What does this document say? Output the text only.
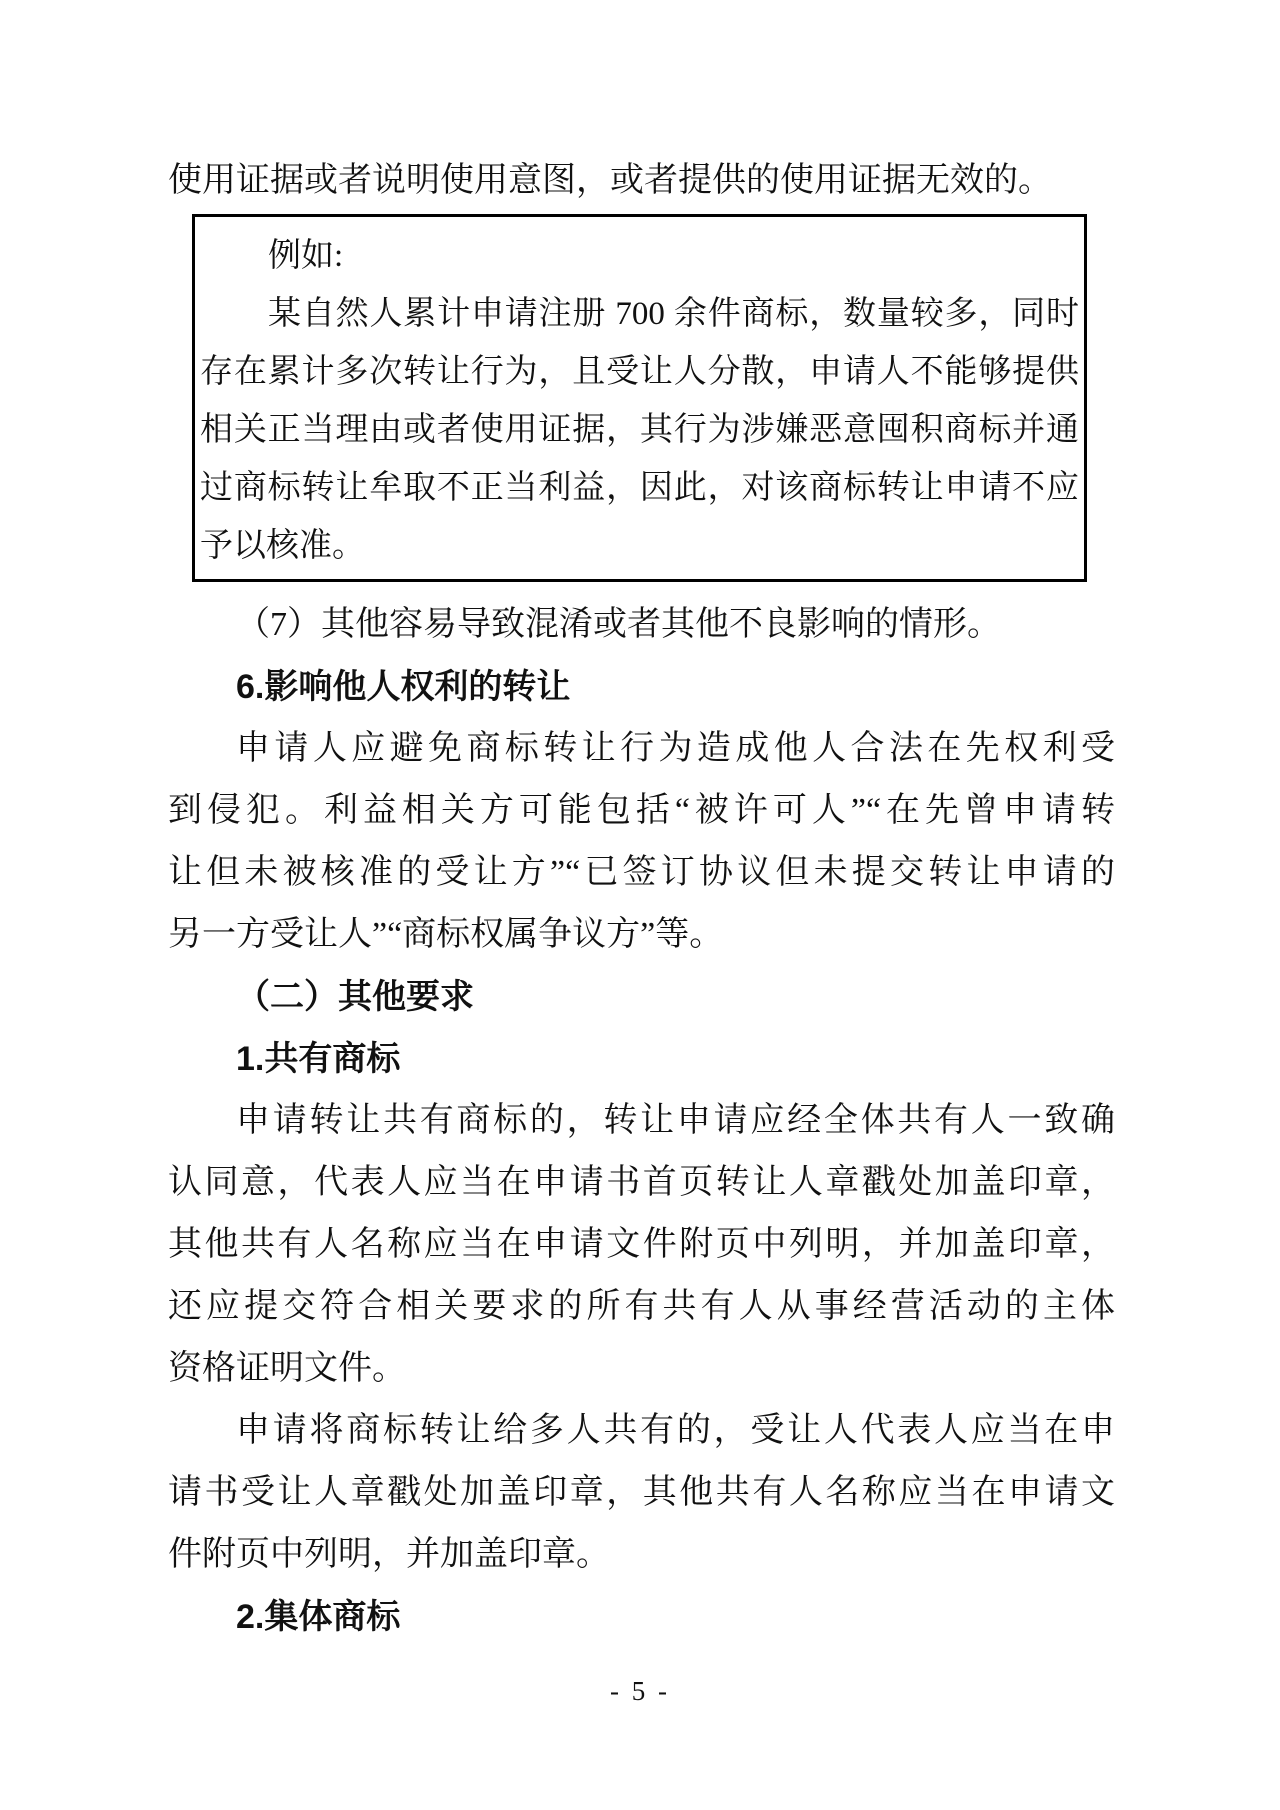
使用证据或者说明使用意图，或者提供的使用证据无效的。
例如:
某自然人累计申请注册 700 余件商标，数量较多，同时
存在累计多次转让行为，且受让人分散，申请人不能够提供
相关正当理由或者使用证据，其行为涉嫌恶意囤积商标并通
过商标转让牟取不正当利益，因此，对该商标转让申请不应
予以核准。
（7）其他容易导致混淆或者其他不良影响的情形。
6.影响他人权利的转让
申请人应避免商标转让行为造成他人合法在先权利受
到侵犯。利益相关方可能包括“被许可人”“在先曾申请转
让但未被核准的受让方”“已签订协议但未提交转让申请的
另一方受让人”“商标权属争议方”等。
（二）其他要求
1.共有商标
申请转让共有商标的，转让申请应经全体共有人一致确
认同意，代表人应当在申请书首页转让人章戳处加盖印章，
其他共有人名称应当在申请文件附页中列明，并加盖印章，
还应提交符合相关要求的所有共有人从事经营活动的主体
资格证明文件。
申请将商标转让给多人共有的，受让人代表人应当在申
请书受让人章戳处加盖印章，其他共有人名称应当在申请文
件附页中列明，并加盖印章。
2.集体商标
- 5 -
